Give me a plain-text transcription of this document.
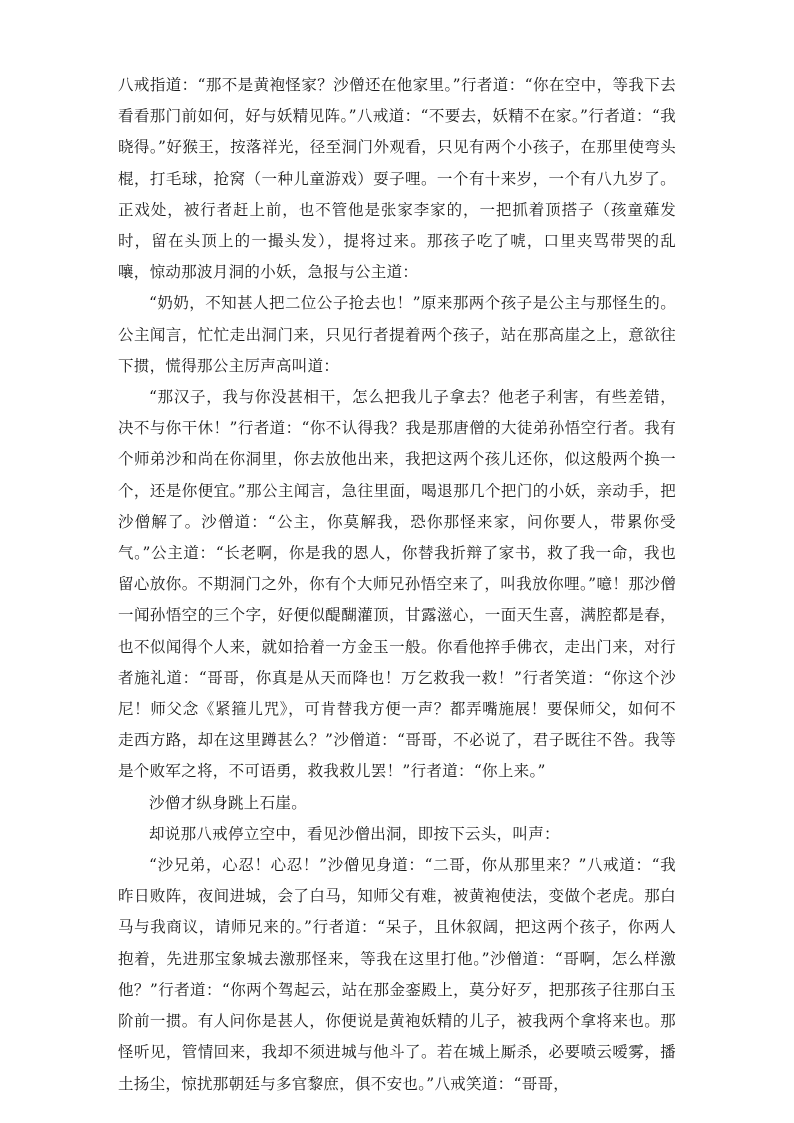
八戒指道：“那不是黄袍怪家？沙僧还在他家里。”行者道：“你在空中，等我下去看看那门前如何，好与妖精见阵。”八戒道：“不要去，妖精不在家。”行者道：“我晓得。”好猴王，按落祥光，径至洞门外观看，只见有两个小孩子，在那里使弯头棍，打毛球，抢窝（一种儿童游戏）耍子哩。一个有十来岁，一个有八九岁了。正戏处，被行者赶上前，也不管他是张家李家的，一把抓着顶搭子（孩童薙发时，留在头顶上的一撮头发），提将过来。那孩子吃了唬，口里夹骂带哭的乱嚷，惊动那波月洞的小妖，急报与公主道：

“奶奶，不知甚人把二位公子抢去也！”原来那两个孩子是公主与那怪生的。公主闻言，忙忙走出洞门来，只见行者提着两个孩子，站在那高崖之上，意欲往下掼，慌得那公主厉声高叫道：

“那汉子，我与你没甚相干，怎么把我儿子拿去？他老子利害，有些差错，决不与你干休！”行者道：“你不认得我？我是那唐僧的大徒弟孙悟空行者。我有个师弟沙和尚在你洞里，你去放他出来，我把这两个孩儿还你，似这般两个换一个，还是你便宜。”那公主闻言，急往里面，喝退那几个把门的小妖，亲动手，把沙僧解了。沙僧道：“公主，你莫解我，恐你那怪来家，问你要人，带累你受气。”公主道：“长老啊，你是我的恩人，你替我折辩了家书，救了我一命，我也留心放你。不期洞门之外，你有个大师兄孙悟空来了，叫我放你哩。”噫！那沙僧一闻孙悟空的三个字，好便似醍醐灌顶，甘露滋心，一面天生喜，满腔都是春，也不似闻得个人来，就如拾着一方金玉一般。你看他捽手佛衣，走出门来，对行者施礼道：“哥哥，你真是从天而降也！万乞救我一救！”行者笑道：“你这个沙尼！师父念《紧箍儿咒》，可肯替我方便一声？都弄嘴施展！要保师父，如何不走西方路，却在这里蹲甚么？”沙僧道：“哥哥，不必说了，君子既往不咎。我等是个败军之将，不可语勇，救我救儿罢！”行者道：“你上来。”

沙僧才纵身跳上石崖。

却说那八戒停立空中，看见沙僧出洞，即按下云头，叫声：

“沙兄弟，心忍！心忍！”沙僧见身道：“二哥，你从那里来？”八戒道：“我昨日败阵，夜间进城，会了白马，知师父有难，被黄袍使法，变做个老虎。那白马与我商议，请师兄来的。”行者道：“呆子，且休叙阔，把这两个孩子，你两人抱着，先进那宝象城去激那怪来，等我在这里打他。”沙僧道：“哥啊，怎么样激他？”行者道：“你两个驾起云，站在那金銮殿上，莫分好歹，把那孩子往那白玉阶前一掼。有人问你是甚人，你便说是黄袍妖精的儿子，被我两个拿将来也。那怪听见，管情回来，我却不须进城与他斗了。若在城上厮杀，必要喷云嗳雾，播土扬尘，惊扰那朝廷与多官黎庶，俱不安也。”八戒笑道：“哥哥，
